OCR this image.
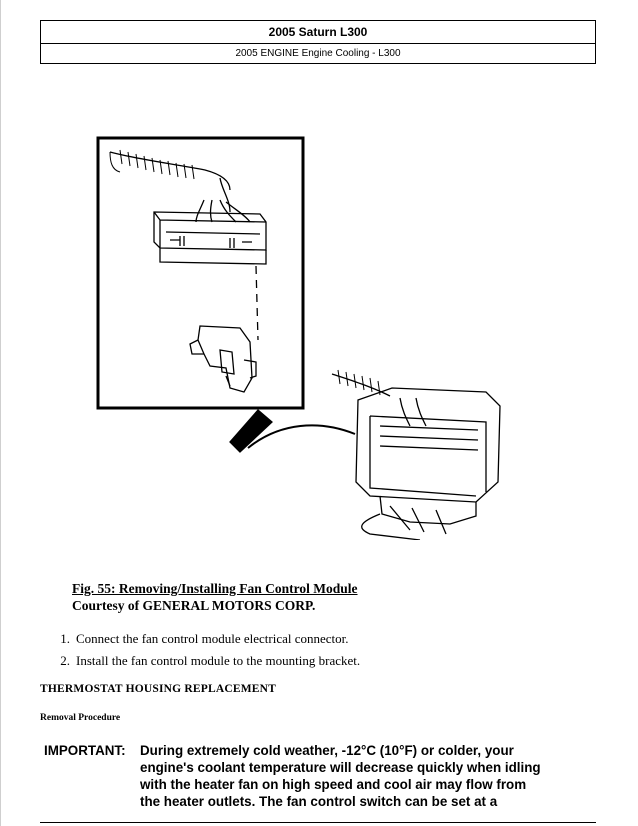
2005 Saturn L300
2005 ENGINE Engine Cooling - L300
Fig. 55: Removing/Installing Fan Control Module
Courtesy of GENERAL MOTORS CORP.
1. Connect the fan control module electrical connector.
2. Install the fan control module to the mounting bracket.
THERMOSTAT HOUSING REPLACEMENT
Removal Procedure
IMPORTANT: During extremely cold weather, -12°C (10°F) or colder, your
engine's coolant temperature will decrease quickly when idling
with the heater fan on high speed and cool air may flow from
the heater outlets. The fan control switch can be set at a
